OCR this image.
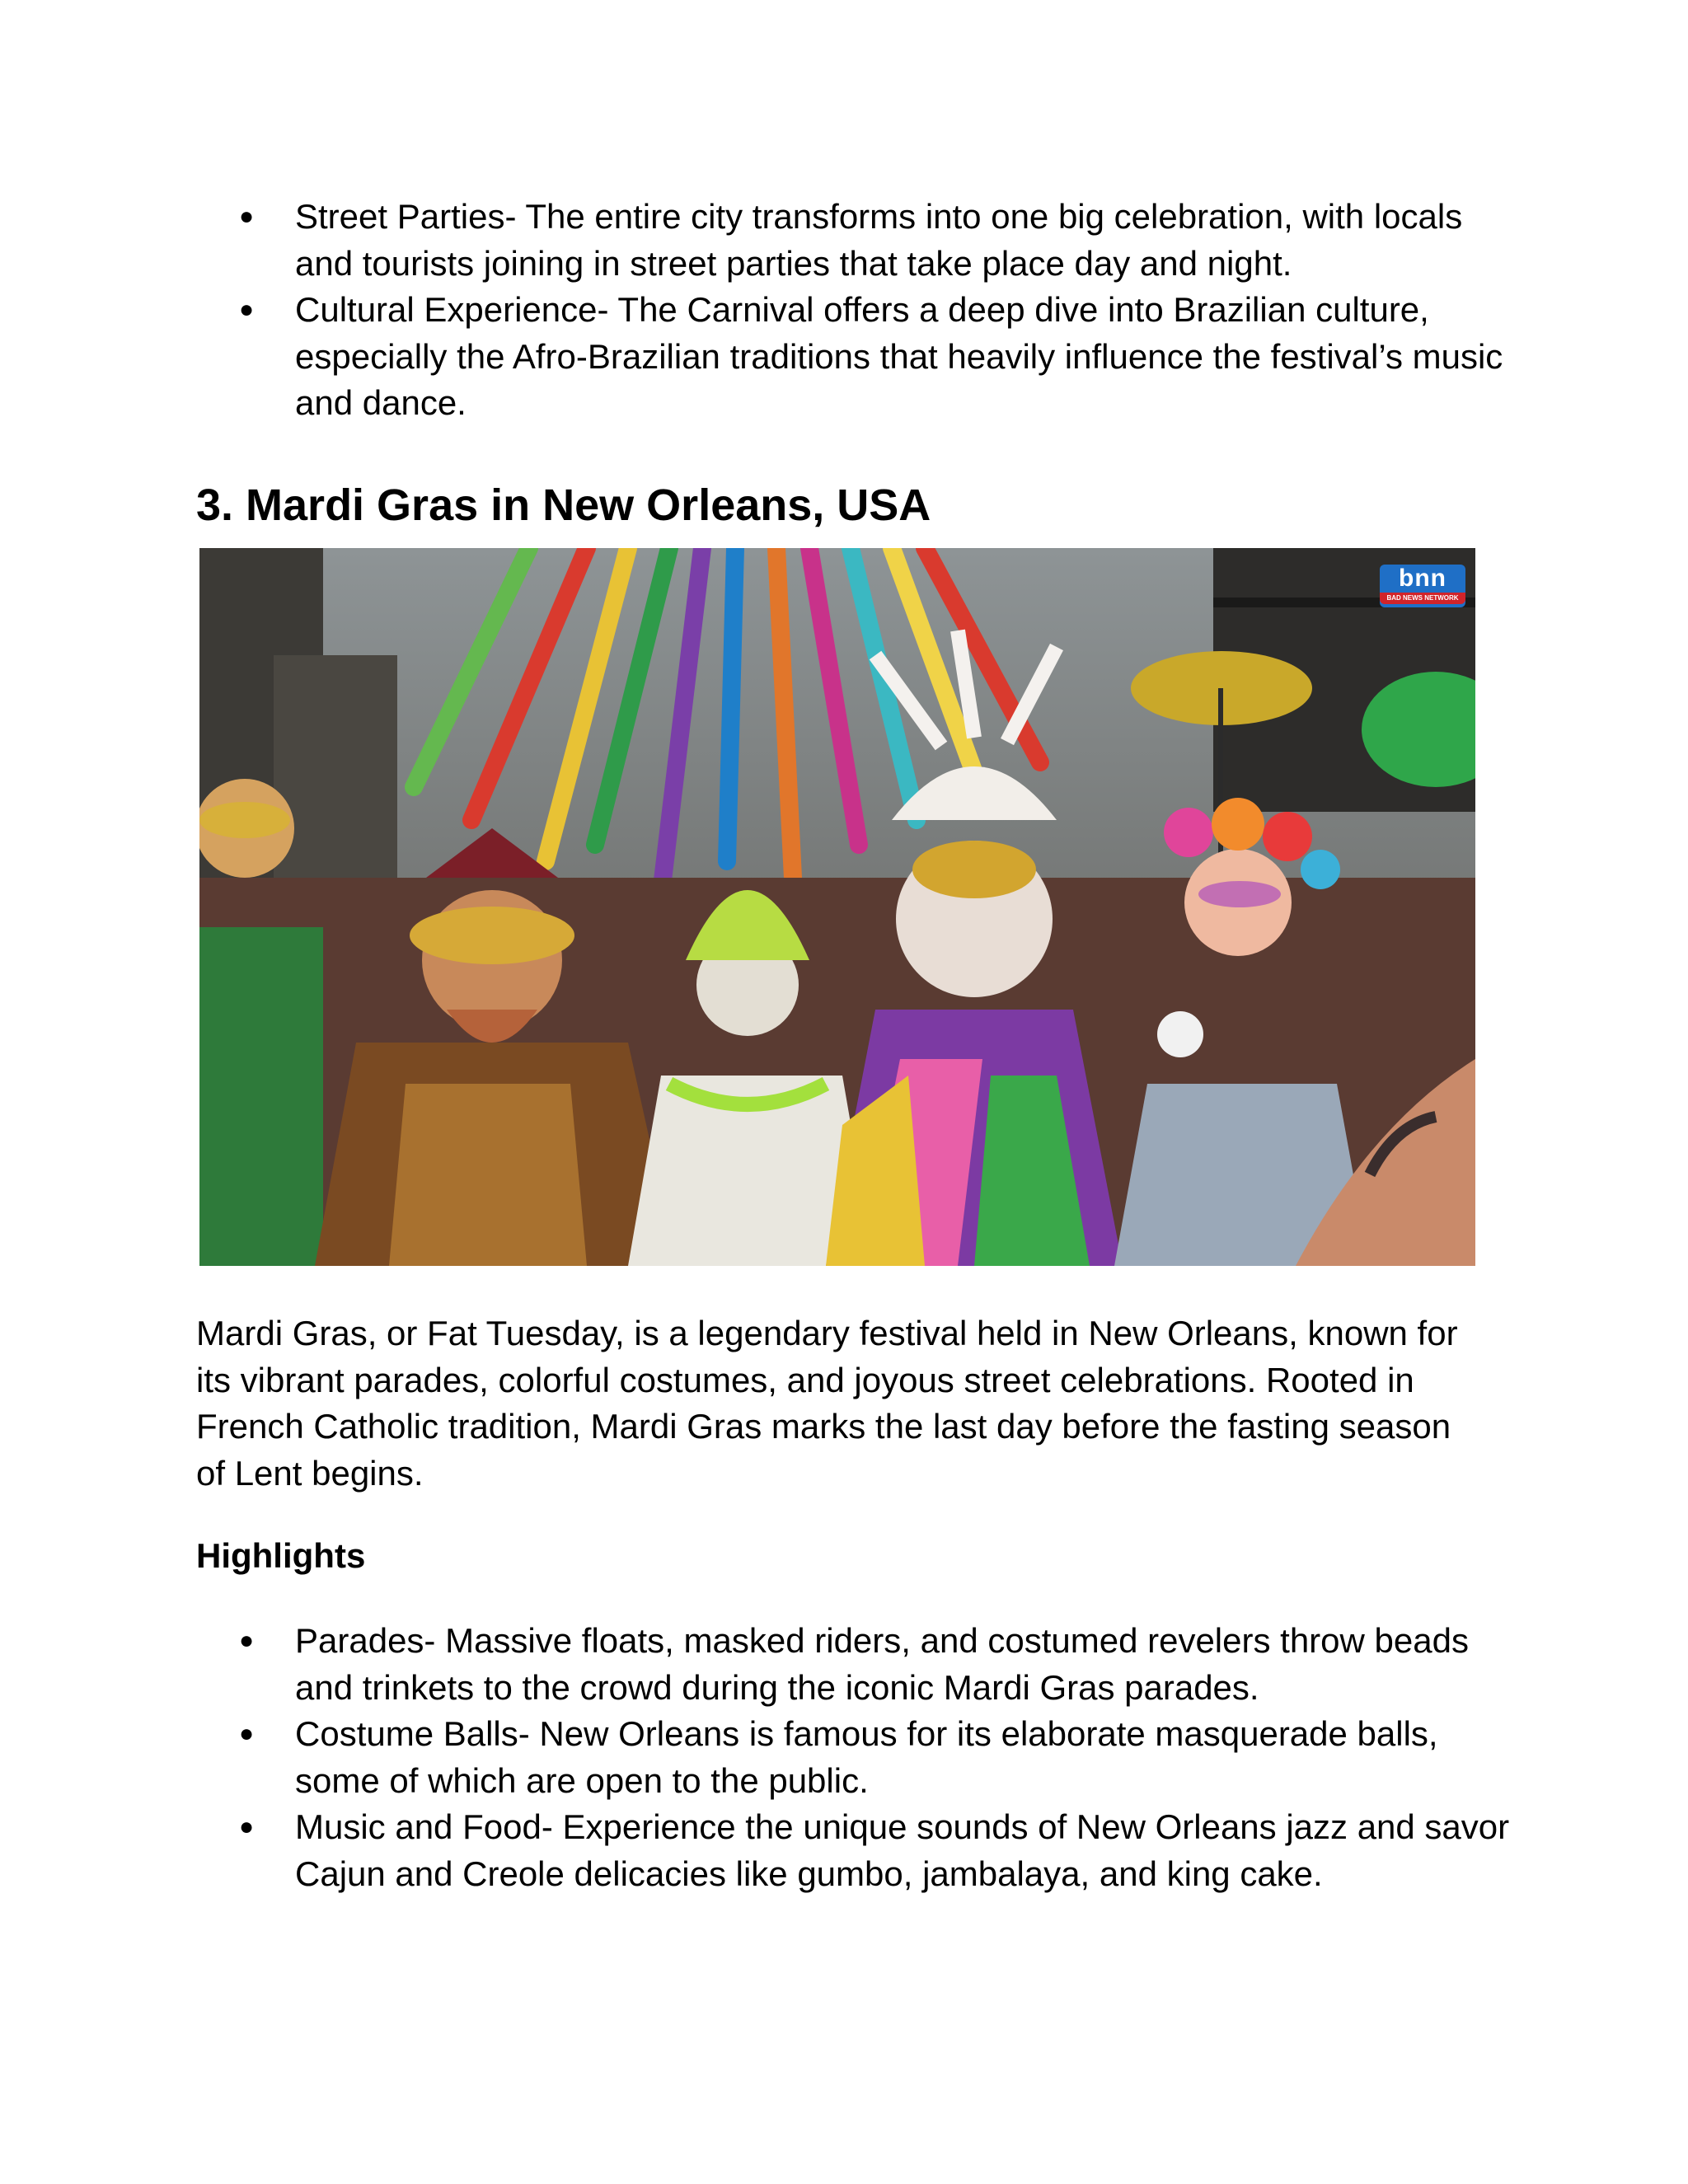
● Street Parties- The entire city transforms into one big celebration, with locals and tourists joining in street parties that take place day and night.
● Cultural Experience- The Carnival offers a deep dive into Brazilian culture, especially the Afro-Brazilian traditions that heavily influence the festival’s music and dance.
3. Mardi Gras in New Orleans, USA
bnn
BAD NEWS NETWORK

Mardi Gras, or Fat Tuesday, is a legendary festival held in New Orleans, known for its vibrant parades, colorful costumes, and joyous street celebrations. Rooted in French Catholic tradition, Mardi Gras marks the last day before the fasting season of Lent begins.

Highlights
● Parades- Massive floats, masked riders, and costumed revelers throw beads and trinkets to the crowd during the iconic Mardi Gras parades.
● Costume Balls- New Orleans is famous for its elaborate masquerade balls, some of which are open to the public.
● Music and Food- Experience the unique sounds of New Orleans jazz and savor Cajun and Creole delicacies like gumbo, jambalaya, and king cake.
